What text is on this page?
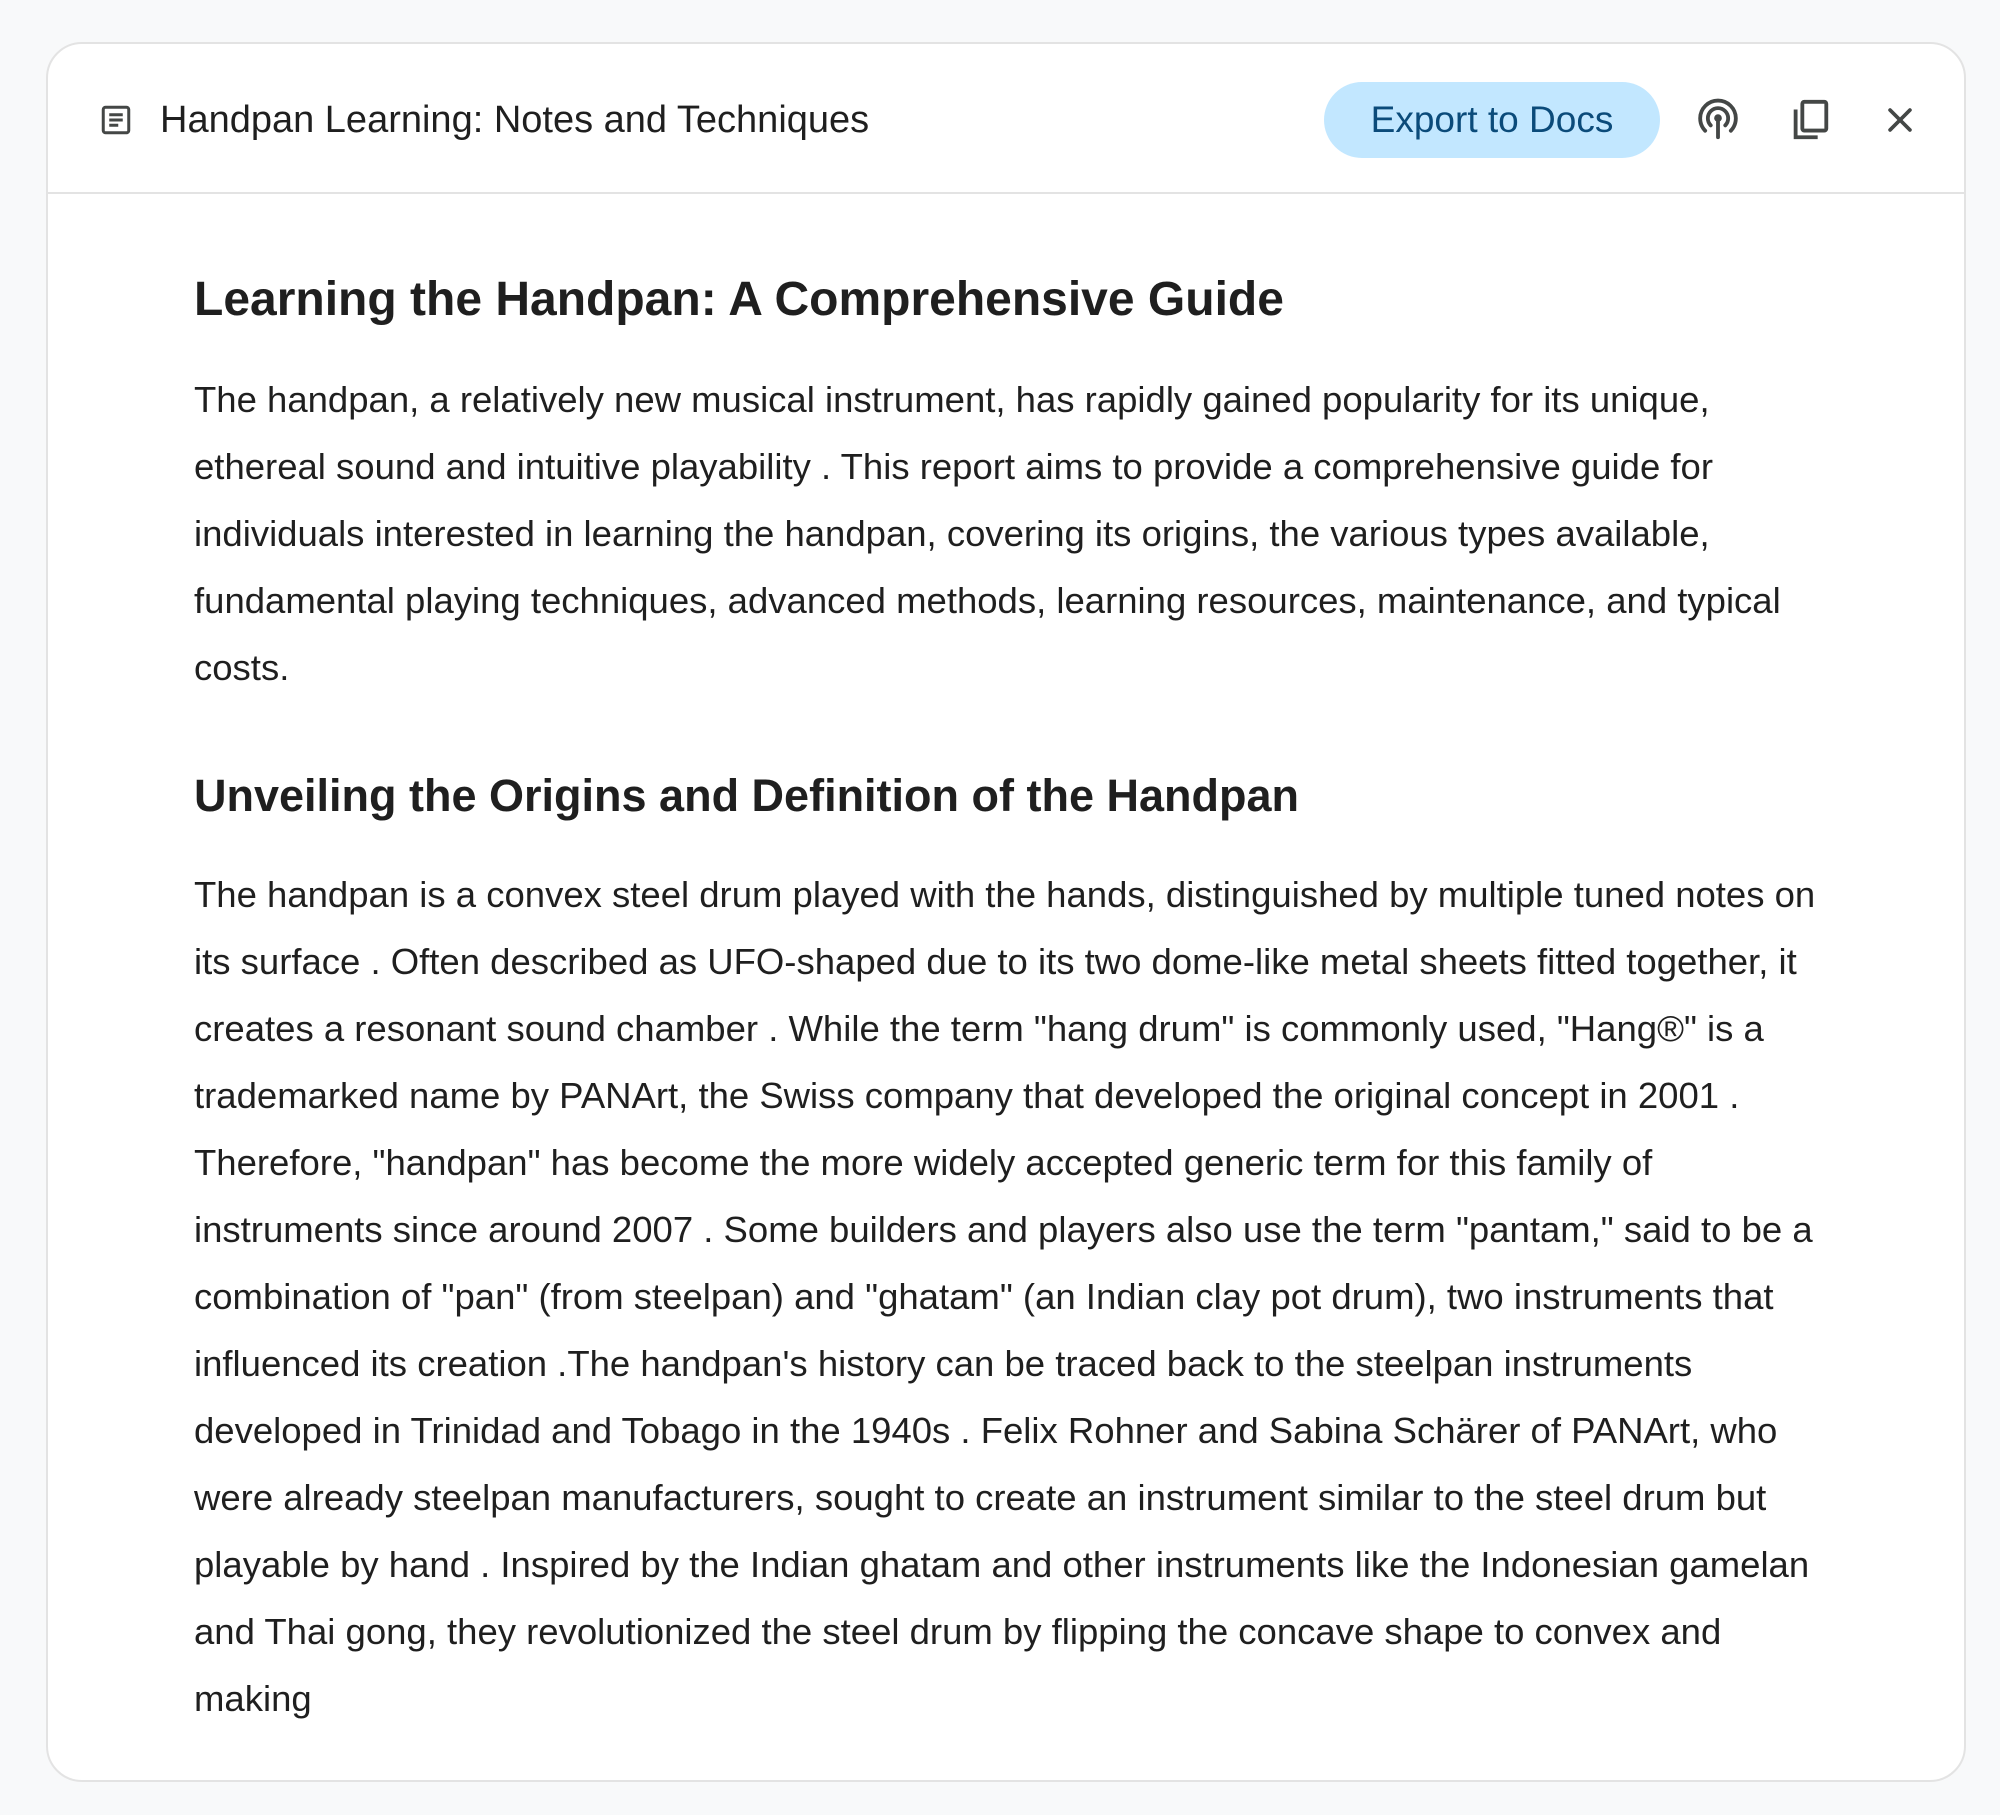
Handpan Learning: Notes and Techniques	Export to Docs
Learning the Handpan: A Comprehensive Guide

The handpan, a relatively new musical instrument, has rapidly gained popularity for its unique, ethereal sound and intuitive playability . This report aims to provide a comprehensive guide for individuals interested in learning the handpan, covering its origins, the various types available, fundamental playing techniques, advanced methods, learning resources, maintenance, and typical costs.

Unveiling the Origins and Definition of the Handpan

The handpan is a convex steel drum played with the hands, distinguished by multiple tuned notes on its surface . Often described as UFO-shaped due to its two dome-like metal sheets fitted together, it creates a resonant sound chamber . While the term "hang drum" is commonly used, "Hang®" is a trademarked name by PANArt, the Swiss company that developed the original concept in 2001 . Therefore, "handpan" has become the more widely accepted generic term for this family of instruments since around 2007 . Some builders and players also use the term "pantam," said to be a combination of "pan" (from steelpan) and "ghatam" (an Indian clay pot drum), two instruments that influenced its creation .The handpan's history can be traced back to the steelpan instruments developed in Trinidad and Tobago in the 1940s . Felix Rohner and Sabina Schärer of PANArt, who were already steelpan manufacturers, sought to create an instrument similar to the steel drum but playable by hand . Inspired by the Indian ghatam and other instruments like the Indonesian gamelan and Thai gong, they revolutionized the steel drum by flipping the concave shape to convex and making
